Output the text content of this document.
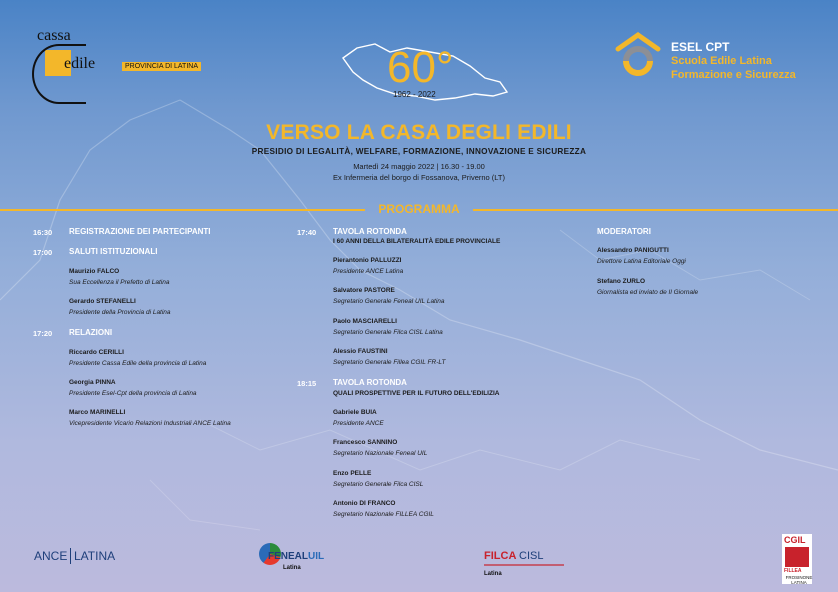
cassa
edile	PROVINCIA DI LATINA	60°
1962 - 2022
ESEL CPT
Scuola Edile Latina
Formazione e Sicurezza
VERSO LA CASA DEGLI EDILI
PRESIDIO DI LEGALITÀ, WELFARE, FORMAZIONE, INNOVAZIONE E SICUREZZA
Martedì 24 maggio 2022 | 16.30 - 19.00
Ex Infermeria del borgo di Fossanova, Priverno (LT)
PROGRAMMA
16:30 REGISTRAZIONE DEI PARTECIPANTI
17:00 SALUTI ISTITUZIONALI
Maurizio FALCO
Sua Eccellenza il Prefetto di Latina
Gerardo STEFANELLI
Presidente della Provincia di Latina
17:20 RELAZIONI
Riccardo CERILLI
Presidente Cassa Edile della provincia di Latina
Georgia PINNA
Presidente Esel-Cpt della provincia di Latina
Marco MARINELLI
Vicepresidente Vicario Relazioni Industriali ANCE Latina
17:40 TAVOLA ROTONDA
I 60 ANNI DELLA BILATERALITÀ EDILE PROVINCIALE
Pierantonio PALLUZZI
Presidente ANCE Latina
Salvatore PASTORE
Segretario Generale Feneal UIL Latina
Paolo MASCIARELLI
Segretario Generale Filca CISL Latina
Alessio FAUSTINI
Segretario Generale Fillea CGIL FR-LT
18:15 TAVOLA ROTONDA
QUALI PROSPETTIVE PER IL FUTURO DELL'EDILIZIA
Gabriele BUIA
Presidente ANCE
Francesco SANNINO
Segretario Nazionale Feneal UIL
Enzo PELLE
Segretario Generale Filca CISL
Antonio DI FRANCO
Segretario Nazionale FILLEA CGIL
MODERATORI
Alessandro PANIGUTTI
Direttore Latina Editoriale Oggi
Stefano ZURLO
Giornalista ed inviato de Il Giornale
ANCE LATINA	FENEALUIL
Latina
FILCA CISL
Latina
CGIL
FILLEA
FROSINONE LATINA
